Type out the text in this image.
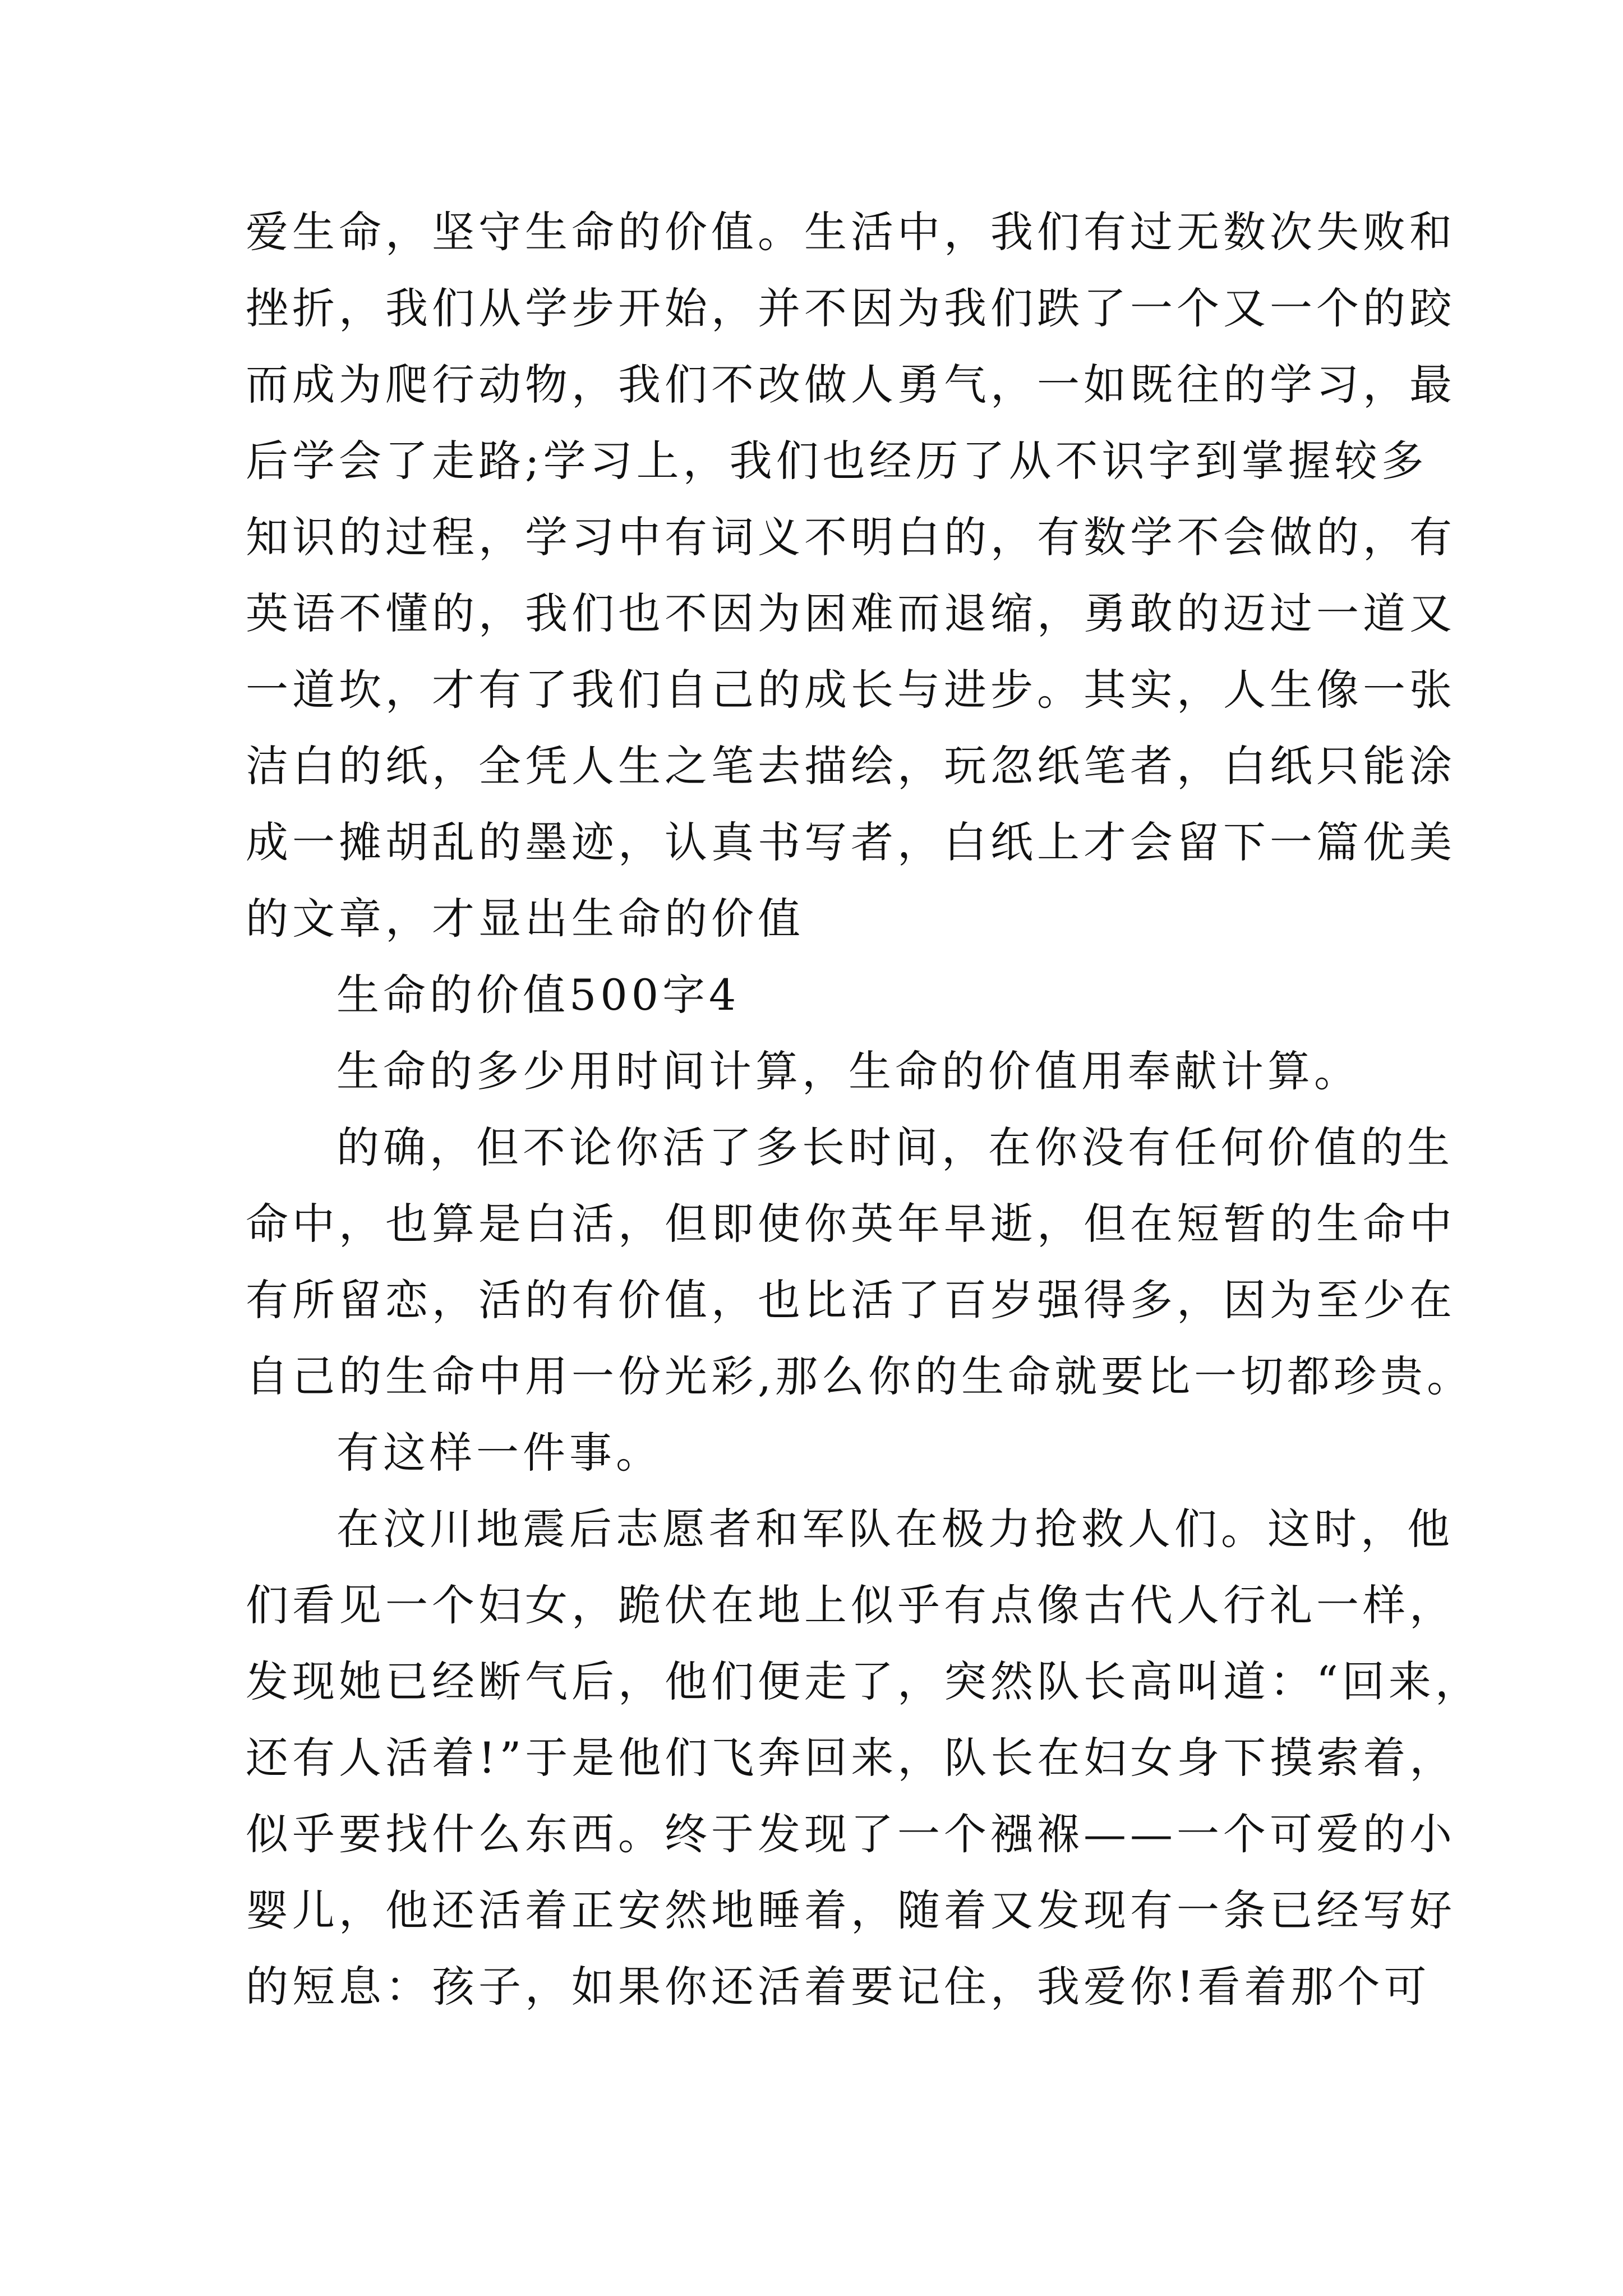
爱生命，坚守生命的价值。生活中，我们有过无数次失败和
挫折，我们从学步开始，并不因为我们跌了一个又一个的跤
而成为爬行动物，我们不改做人勇气，一如既往的学习，最
后学会了走路;学习上，我们也经历了从不识字到掌握较多
知识的过程，学习中有词义不明白的，有数学不会做的，有
英语不懂的，我们也不因为困难而退缩，勇敢的迈过一道又
一道坎，才有了我们自己的成长与进步。其实，人生像一张
洁白的纸，全凭人生之笔去描绘，玩忽纸笔者，白纸只能涂
成一摊胡乱的墨迹，认真书写者，白纸上才会留下一篇优美
的文章，才显出生命的价值
生命的价值500字4
生命的多少用时间计算，生命的价值用奉献计算。
的确，但不论你活了多长时间，在你没有任何价值的生
命中，也算是白活，但即使你英年早逝，但在短暂的生命中
有所留恋，活的有价值，也比活了百岁强得多，因为至少在
自己的生命中用一份光彩,那么你的生命就要比一切都珍贵。
有这样一件事。
在汶川地震后志愿者和军队在极力抢救人们。这时，他
们看见一个妇女，跪伏在地上似乎有点像古代人行礼一样，
发现她已经断气后，他们便走了，突然队长高叫道：“回来，
还有人活着!”于是他们飞奔回来，队长在妇女身下摸索着，
似乎要找什么东西。终于发现了一个襁褓——一个可爱的小
婴儿，他还活着正安然地睡着，随着又发现有一条已经写好
的短息：孩子，如果你还活着要记住，我爱你!看着那个可
